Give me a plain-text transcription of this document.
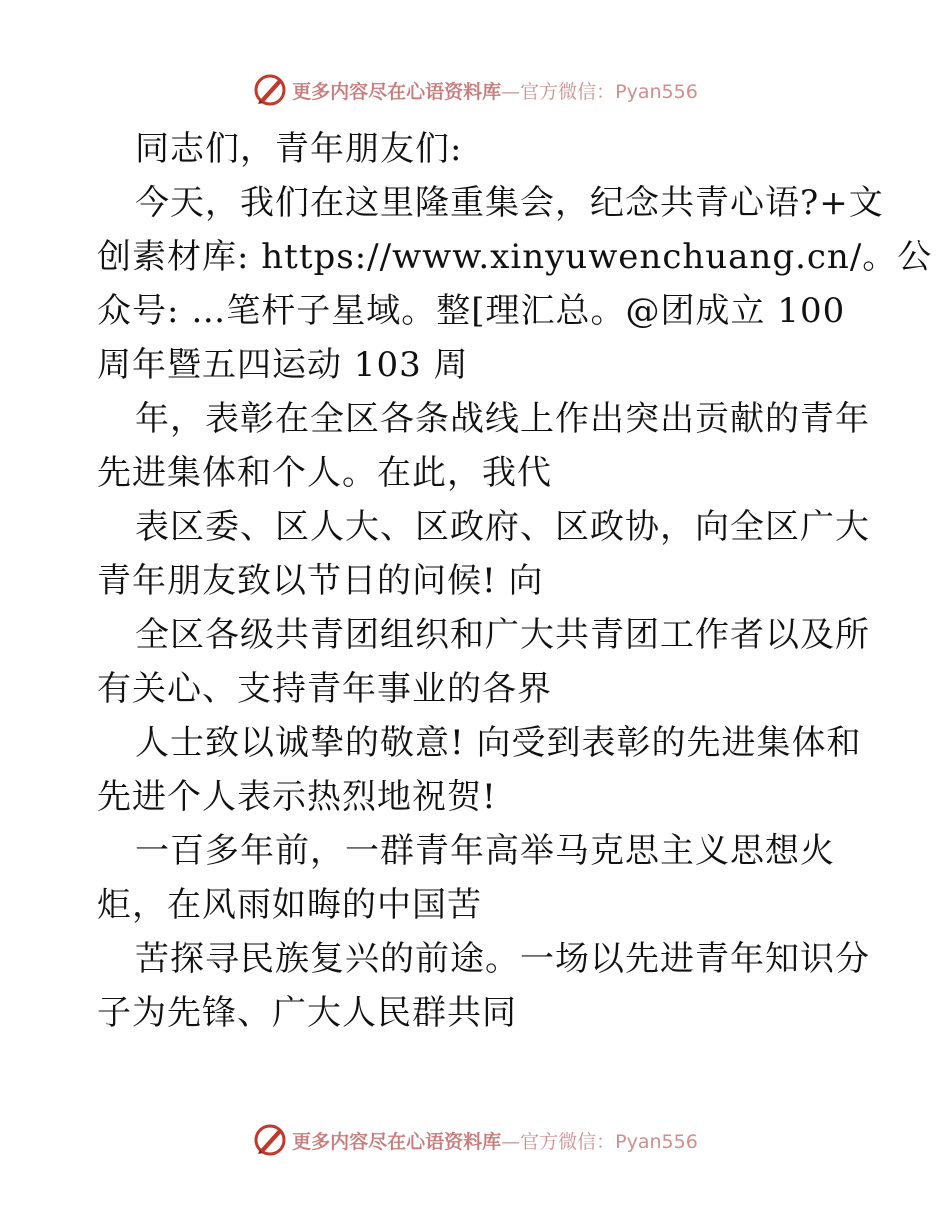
更多内容尽在心语资料库—官方微信：Pyan556
同志们，青年朋友们:
今天，我们在这里隆重集会，纪念共青心语?+文
创素材库: https://www.xinyuwenchuang.cn/。公
众号: …笔杆子星域。整[理汇总。@团成立 100
周年暨五四运动 103 周
年，表彰在全区各条战线上作出突出贡献的青年
先进集体和个人。在此，我代
表区委、区人大、区政府、区政协，向全区广大
青年朋友致以节日的问候! 向
全区各级共青团组织和广大共青团工作者以及所
有关心、支持青年事业的各界
人士致以诚挚的敬意! 向受到表彰的先进集体和
先进个人表示热烈地祝贺!
一百多年前，一群青年高举马克思主义思想火
炬，在风雨如晦的中国苦
苦探寻民族复兴的前途。一场以先进青年知识分
子为先锋、广大人民群共同
更多内容尽在心语资料库—官方微信：Pyan556
